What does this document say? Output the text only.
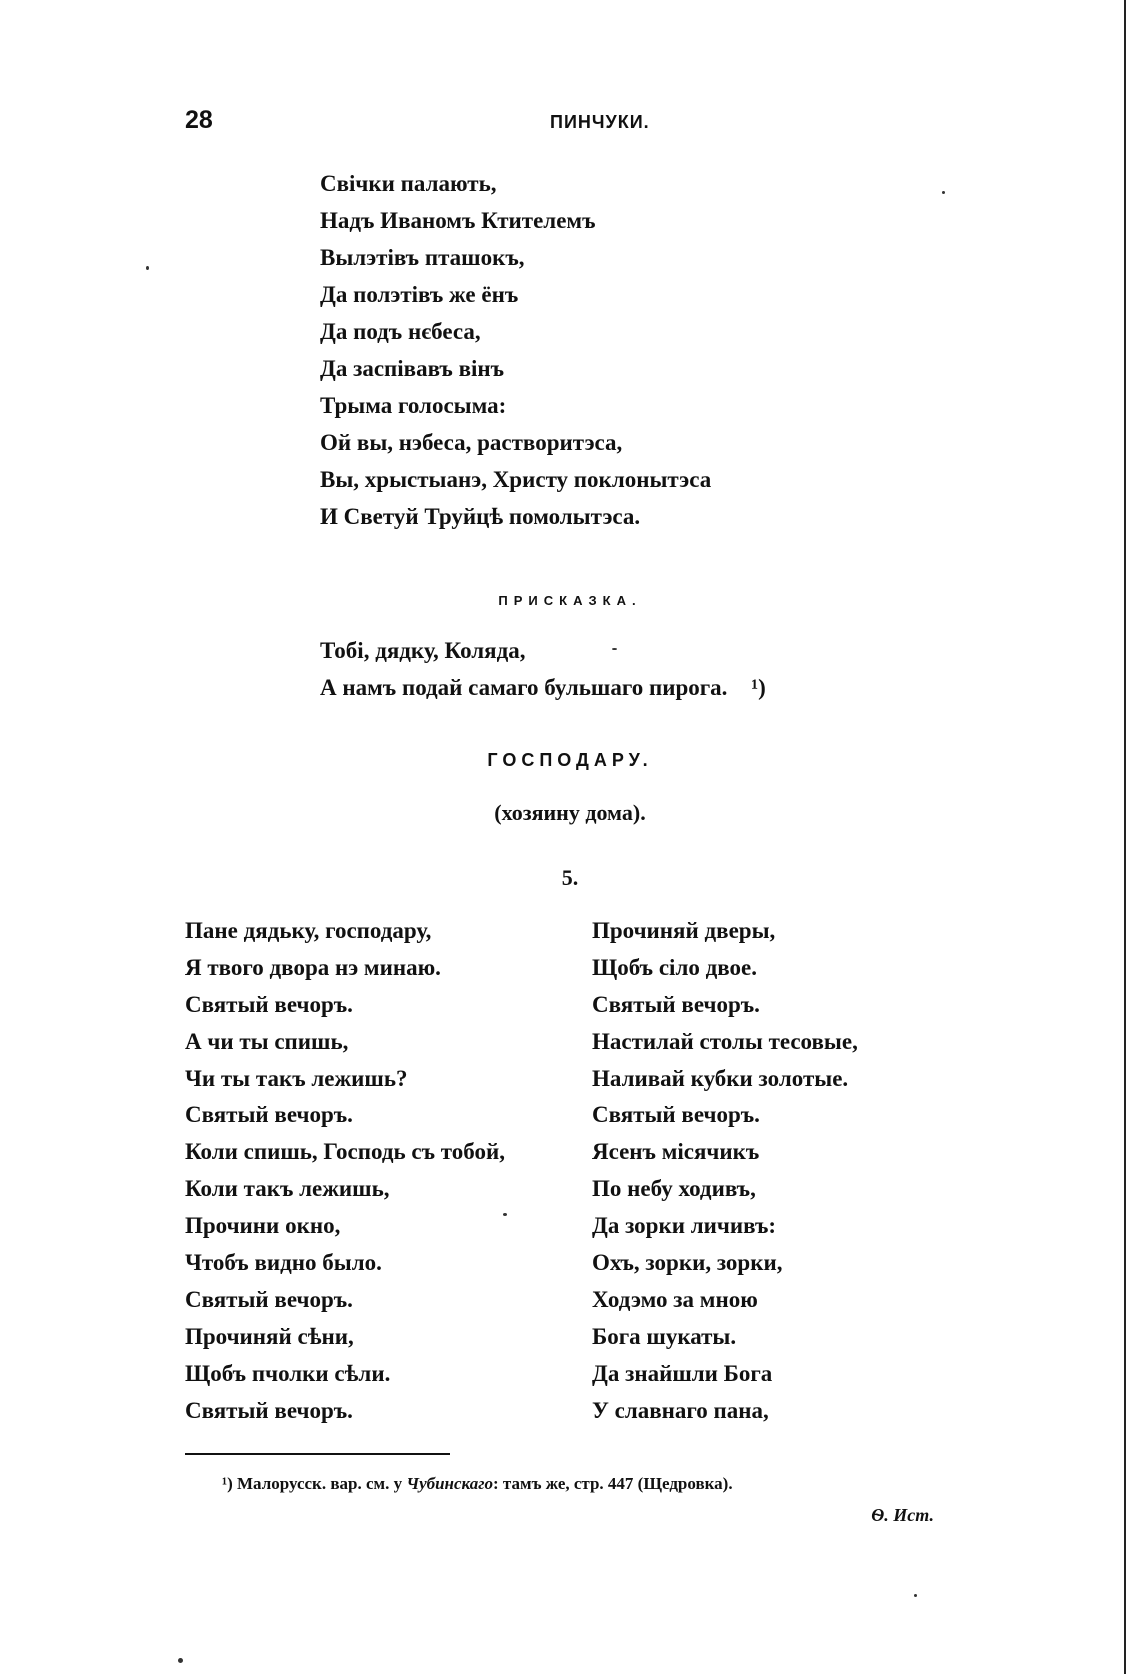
28	ПИНЧУКИ.
Свічки палають,
Надъ Иваномъ Ктителемъ
Вылэтівъ пташокъ,
Да полэтівъ же ёнъ
Да подъ нєбеса,
Да заспівавъ вінъ
Трыма голосыма:
Ой вы, нэбеса, растворитэса,
Вы, хрыстыанэ, Христу поклонытэса
И Светуй Труйцѣ помолытэса.
ПРИСКАЗКА.
Тобі, дядку, Коляда,
А намъ подай самаго бульшаго пирога. ¹)
ГОСПОДАРУ.
(хозяину дома).
5.
Пане дядьку, господару,
Я твого двора нэ минаю.
Святый вечоръ.
А чи ты спишь,
Чи ты такъ лежишь?
Святый вечоръ.
Коли спишь, Господь съ тобой,
Коли такъ лежишь,
Прочини окно,
Чтобъ видно было.
Святый вечоръ.
Прочиняй сѣни,
Щобъ пчолки сѣли.
Святый вечоръ.
Прочиняй дверы,
Щобъ сіло двое.
Святый вечоръ.
Настилай столы тесовые,
Наливай кубки золотые.
Святый вечоръ.
Ясенъ місячикъ
По небу ходивъ,
Да зорки личивъ:
Охъ, зорки, зорки,
Ходэмо за мною
Бога шукаты.
Да знайшли Бога
У славнаго пана,
¹) Малорусск. вар. см. у Чубинскаго: тамъ же, стр. 447 (Щедровка).
Ѳ. Ист.
